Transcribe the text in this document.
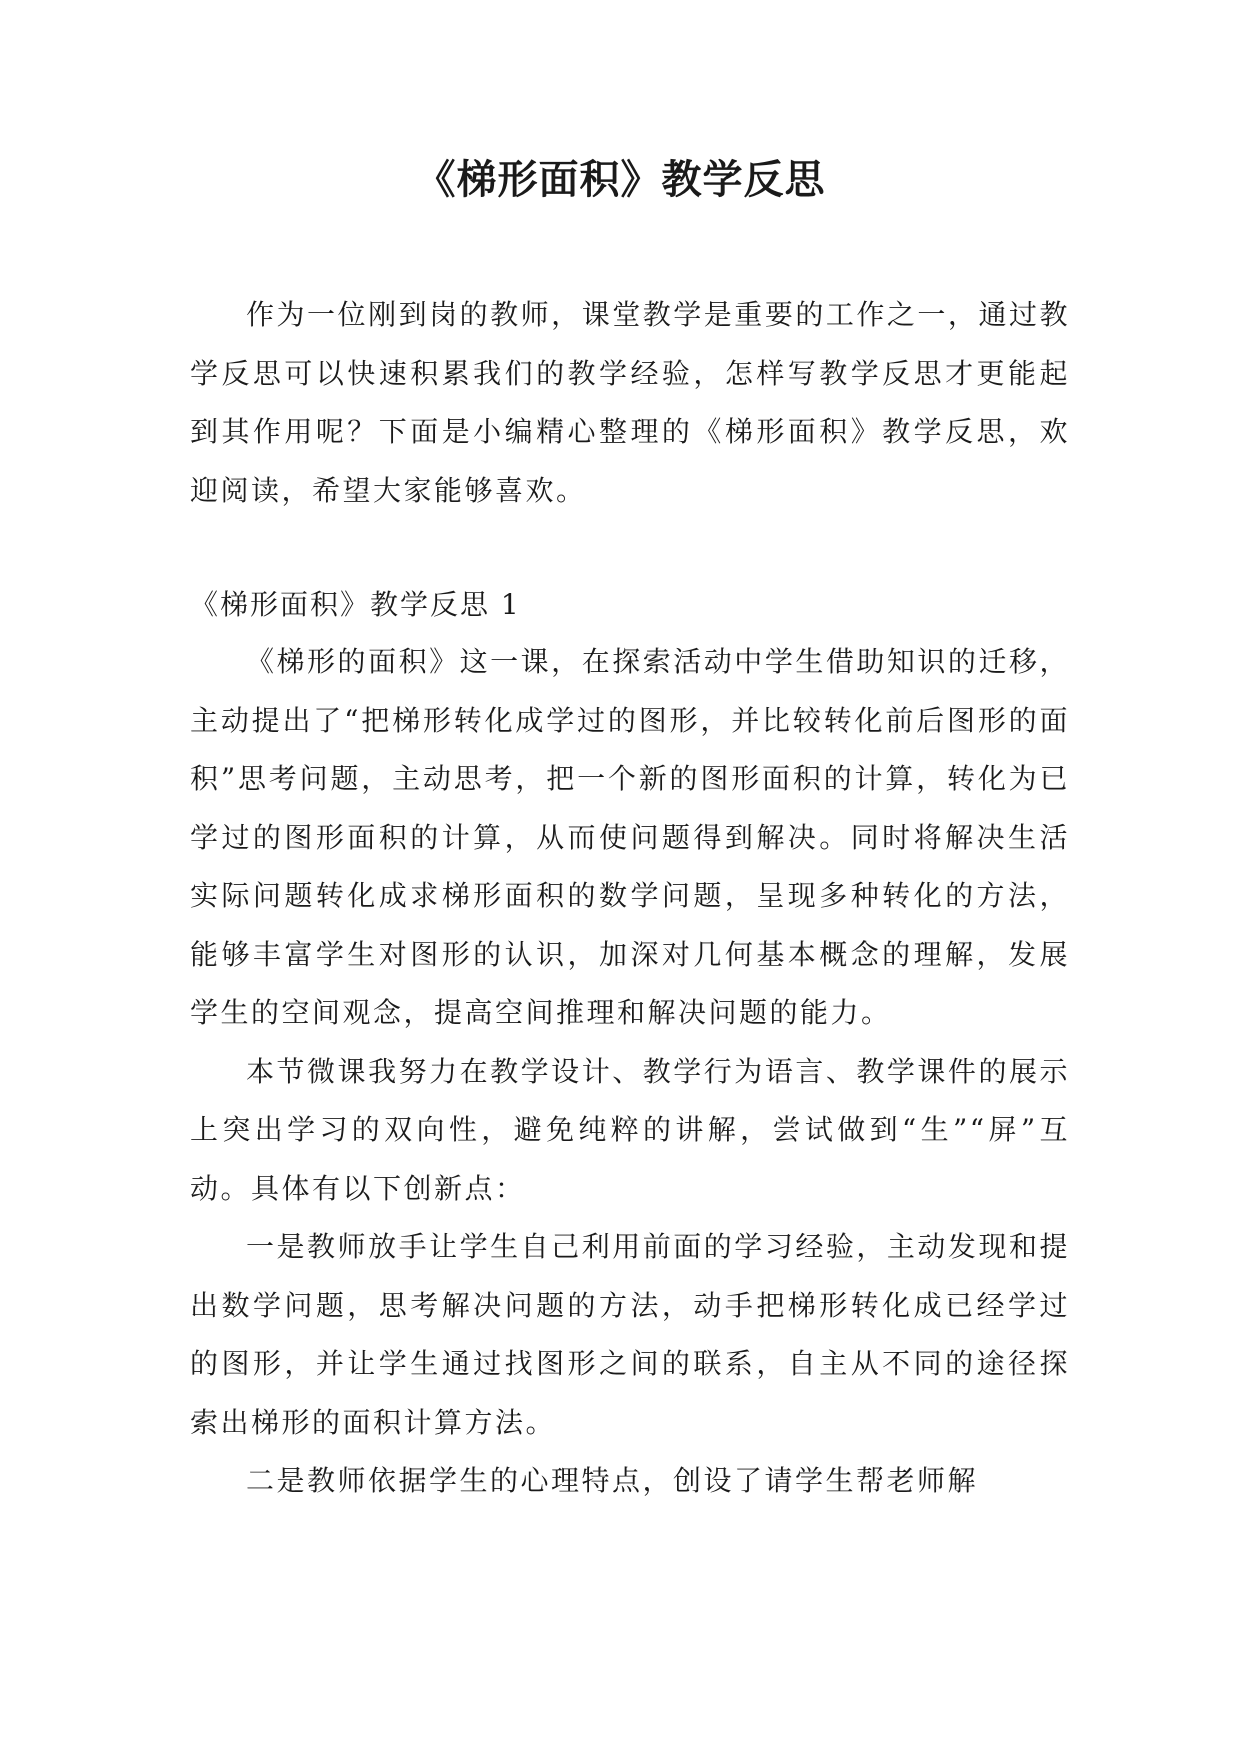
《梯形面积》教学反思

作为一位刚到岗的教师，课堂教学是重要的工作之一，通过教学反思可以快速积累我们的教学经验，怎样写教学反思才更能起到其作用呢？下面是小编精心整理的《梯形面积》教学反思，欢迎阅读，希望大家能够喜欢。

《梯形面积》教学反思 1

《梯形的面积》这一课，在探索活动中学生借助知识的迁移，主动提出了“把梯形转化成学过的图形，并比较转化前后图形的面积”思考问题，主动思考，把一个新的图形面积的计算，转化为已学过的图形面积的计算，从而使问题得到解决。同时将解决生活实际问题转化成求梯形面积的数学问题，呈现多种转化的方法，能够丰富学生对图形的认识，加深对几何基本概念的理解，发展学生的空间观念，提高空间推理和解决问题的能力。

本节微课我努力在教学设计、教学行为语言、教学课件的展示上突出学习的双向性，避免纯粹的讲解，尝试做到“生”“屏”互动。具体有以下创新点：

一是教师放手让学生自己利用前面的学习经验，主动发现和提出数学问题，思考解决问题的方法，动手把梯形转化成已经学过的图形，并让学生通过找图形之间的联系，自主从不同的途径探索出梯形的面积计算方法。

二是教师依据学生的心理特点，创设了请学生帮老师解
